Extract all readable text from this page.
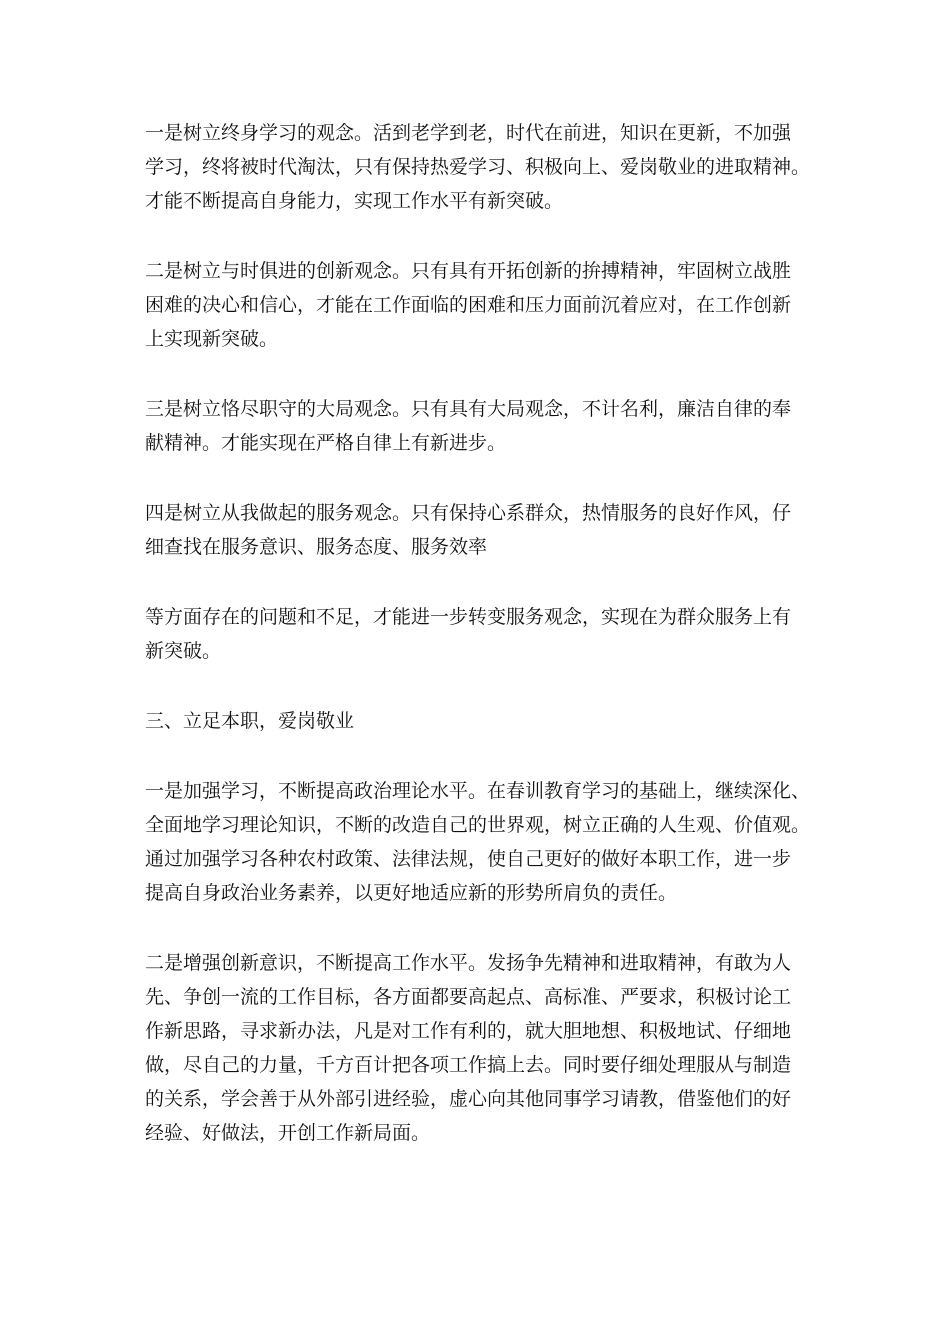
一是树立终身学习的观念。活到老学到老，时代在前进，知识在更新，不加强
学习，终将被时代淘汰，只有保持热爱学习、积极向上、爱岗敬业的进取精神。
才能不断提高自身能力，实现工作水平有新突破。
二是树立与时俱进的创新观念。只有具有开拓创新的拚搏精神，牢固树立战胜
困难的决心和信心，才能在工作面临的困难和压力面前沉着应对，在工作创新
上实现新突破。
三是树立恪尽职守的大局观念。只有具有大局观念，不计名利，廉洁自律的奉
献精神。才能实现在严格自律上有新进步。
四是树立从我做起的服务观念。只有保持心系群众，热情服务的良好作风，仔
细查找在服务意识、服务态度、服务效率
等方面存在的问题和不足，才能进一步转变服务观念，实现在为群众服务上有
新突破。
三、立足本职，爱岗敬业
一是加强学习，不断提高政治理论水平。在春训教育学习的基础上，继续深化、
全面地学习理论知识，不断的改造自己的世界观，树立正确的人生观、价值观。
通过加强学习各种农村政策、法律法规，使自己更好的做好本职工作，进一步
提高自身政治业务素养，以更好地适应新的形势所肩负的责任。
二是增强创新意识，不断提高工作水平。发扬争先精神和进取精神，有敢为人
先、争创一流的工作目标，各方面都要高起点、高标准、严要求，积极讨论工
作新思路，寻求新办法，凡是对工作有利的，就大胆地想、积极地试、仔细地
做，尽自己的力量，千方百计把各项工作搞上去。同时要仔细处理服从与制造
的关系，学会善于从外部引进经验，虚心向其他同事学习请教，借鉴他们的好
经验、好做法，开创工作新局面。
